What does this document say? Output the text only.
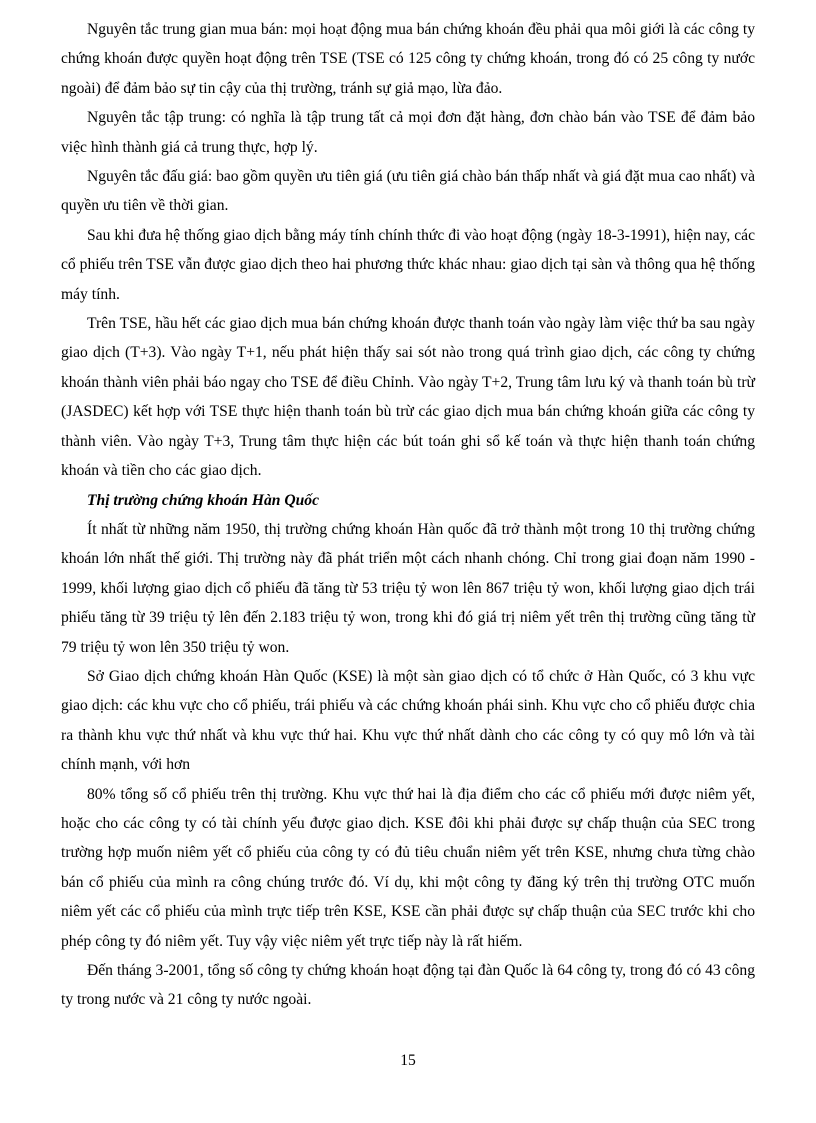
Nguyên tắc trung gian mua bán: mọi hoạt động mua bán chứng khoán đều phải qua môi giới là các công ty chứng khoán được quyền hoạt động trên TSE (TSE có 125 công ty chứng khoán, trong đó có 25 công ty nước ngoài) để đảm bảo sự tin cậy của thị trường, tránh sự giả mạo, lừa đảo.

Nguyên tắc tập trung: có nghĩa là tập trung tất cả mọi đơn đặt hàng, đơn chào bán vào TSE để đảm bảo việc hình thành giá cả trung thực, hợp lý.

Nguyên tắc đấu giá: bao gồm quyền ưu tiên giá (ưu tiên giá chào bán thấp nhất và giá đặt mua cao nhất) và quyền ưu tiên về thời gian.

Sau khi đưa hệ thống giao dịch bằng máy tính chính thức đi vào hoạt động (ngày 18-3-1991), hiện nay, các cổ phiếu trên TSE vẫn được giao dịch theo hai phương thức khác nhau: giao dịch tại sàn và thông qua hệ thống máy tính.

Trên TSE, hầu hết các giao dịch mua bán chứng khoán được thanh toán vào ngày làm việc thứ ba sau ngày giao dịch (T+3). Vào ngày T+1, nếu phát hiện thấy sai sót nào trong quá trình giao dịch, các công ty chứng khoán thành viên phải báo ngay cho TSE để điều Chỉnh. Vào ngày T+2, Trung tâm lưu ký và thanh toán bù trừ (JASDEC) kết hợp với TSE thực hiện thanh toán bù trừ các giao dịch mua bán chứng khoán giữa các công ty thành viên. Vào ngày T+3, Trung tâm thực hiện các bút toán ghi sổ kế toán và thực hiện thanh toán chứng khoán và tiền cho các giao dịch.

Thị trường chứng khoán Hàn Quốc

Ít nhất từ những năm 1950, thị trường chứng khoán Hàn quốc đã trở thành một trong 10 thị trường chứng khoán lớn nhất thế giới. Thị trường này đã phát triển một cách nhanh chóng. Chỉ trong giai đoạn năm 1990 - 1999, khối lượng giao dịch cổ phiếu đã tăng từ 53 triệu tỷ won lên 867 triệu tỷ won, khối lượng giao dịch trái phiếu tăng từ 39 triệu tỷ lên đến 2.183 triệu tỷ won, trong khi đó giá trị niêm yết trên thị trường cũng tăng từ 79 triệu tỷ won lên 350 triệu tỷ won.

Sở Giao dịch chứng khoán Hàn Quốc (KSE) là một sàn giao dịch có tổ chức ở Hàn Quốc, có 3 khu vực giao dịch: các khu vực cho cổ phiếu, trái phiếu và các chứng khoán phái sinh. Khu vực cho cổ phiếu được chia ra thành khu vực thứ nhất và khu vực thứ hai. Khu vực thứ nhất dành cho các công ty có quy mô lớn và tài chính mạnh, với hơn

80% tổng số cổ phiếu trên thị trường. Khu vực thứ hai là địa điểm cho các cổ phiếu mới được niêm yết, hoặc cho các công ty có tài chính yếu được giao dịch. KSE đôi khi phải được sự chấp thuận của SEC trong trường hợp muốn niêm yết cổ phiếu của công ty có đủ tiêu chuẩn niêm yết trên KSE, nhưng chưa từng chào bán cổ phiếu của mình ra công chúng trước đó. Ví dụ, khi một công ty đăng ký trên thị trường OTC muốn niêm yết các cổ phiếu của mình trực tiếp trên KSE, KSE cần phải được sự chấp thuận của SEC trước khi cho phép công ty đó niêm yết. Tuy vậy việc niêm yết trực tiếp này là rất hiếm.

Đến tháng 3-2001, tổng số công ty chứng khoán hoạt động tại đàn Quốc là 64 công ty, trong đó có 43 công ty trong nước và 21 công ty nước ngoài.

15
